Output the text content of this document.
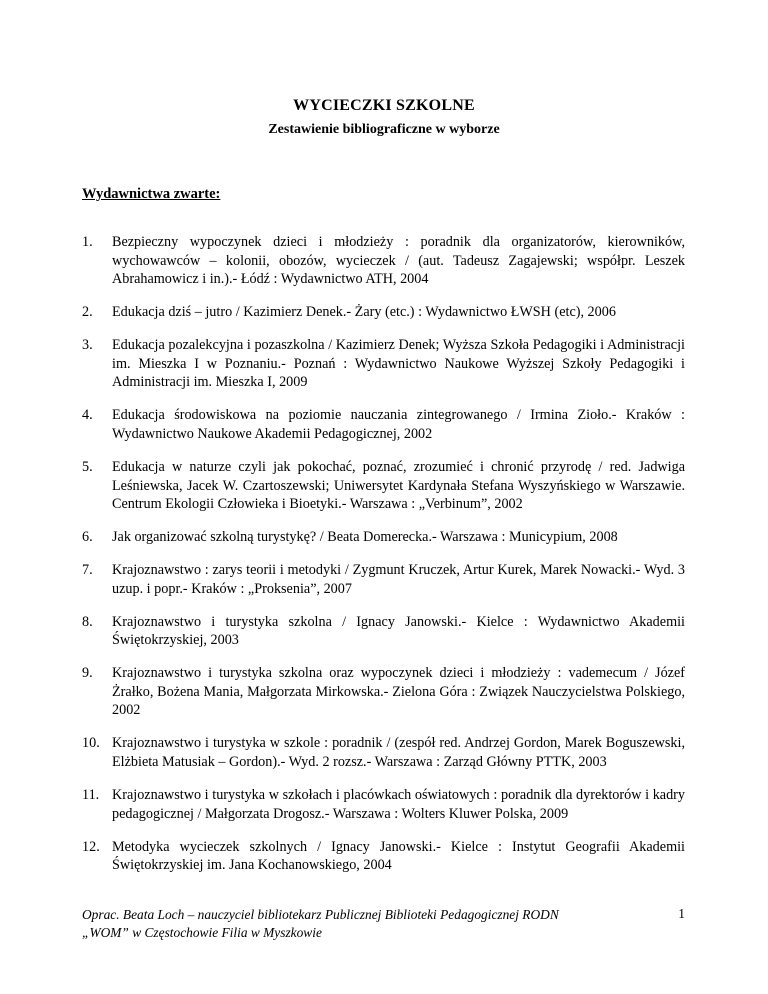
WYCIECZKI SZKOLNE
Zestawienie bibliograficzne w wyborze
Wydawnictwa zwarte:
1.	Bezpieczny wypoczynek dzieci i młodzieży : poradnik dla organizatorów, kierowników, wychowawców – kolonii, obozów, wycieczek / (aut. Tadeusz Zagajewski; współpr. Leszek Abrahamowicz i in.).- Łódź : Wydawnictwo ATH, 2004
2.	Edukacja dziś – jutro / Kazimierz Denek.- Żary (etc.) : Wydawnictwo ŁWSH (etc), 2006
3.	Edukacja pozalekcyjna i pozaszkolna / Kazimierz Denek; Wyższa Szkoła Pedagogiki i Administracji im. Mieszka I w Poznaniu.- Poznań : Wydawnictwo Naukowe Wyższej Szkoły Pedagogiki i Administracji im. Mieszka I, 2009
4.	Edukacja środowiskowa na poziomie nauczania zintegrowanego / Irmina Zioło.- Kraków : Wydawnictwo Naukowe Akademii Pedagogicznej, 2002
5.	Edukacja w naturze czyli jak pokochać, poznać, zrozumieć i chronić przyrodę / red. Jadwiga Leśniewska, Jacek W. Czartoszewski; Uniwersytet Kardynała Stefana Wyszyńskiego w Warszawie. Centrum Ekologii Człowieka i Bioetyki.- Warszawa : „Verbinum”, 2002
6.	Jak organizować szkolną turystykę? / Beata Domerecka.- Warszawa : Municypium, 2008
7.	Krajoznawstwo : zarys teorii i metodyki / Zygmunt Kruczek, Artur Kurek, Marek Nowacki.- Wyd. 3 uzup. i popr.- Kraków : „Proksenia”, 2007
8.	Krajoznawstwo i turystyka szkolna / Ignacy Janowski.- Kielce : Wydawnictwo Akademii Świętokrzyskiej, 2003
9.	Krajoznawstwo i turystyka szkolna oraz wypoczynek dzieci i młodzieży : vademecum / Józef Żrałko, Bożena Mania, Małgorzata Mirkowska.- Zielona Góra : Związek Nauczycielstwa Polskiego, 2002
10. Krajoznawstwo i turystyka w szkole : poradnik / (zespół red. Andrzej Gordon, Marek Boguszewski, Elżbieta Matusiak – Gordon).- Wyd. 2 rozsz.- Warszawa : Zarząd Główny PTTK, 2003
11. Krajoznawstwo i turystyka w szkołach i placówkach oświatowych : poradnik dla dyrektorów i kadry pedagogicznej / Małgorzata Drogosz.- Warszawa : Wolters Kluwer Polska, 2009
12. Metodyka wycieczek szkolnych / Ignacy Janowski.- Kielce : Instytut Geografii Akademii Świętokrzyskiej im. Jana Kochanowskiego, 2004
Oprac. Beata Loch – nauczyciel bibliotekarz Publicznej Biblioteki Pedagogicznej RODN
„WOM” w Częstochowie Filia w Myszkowie
1
